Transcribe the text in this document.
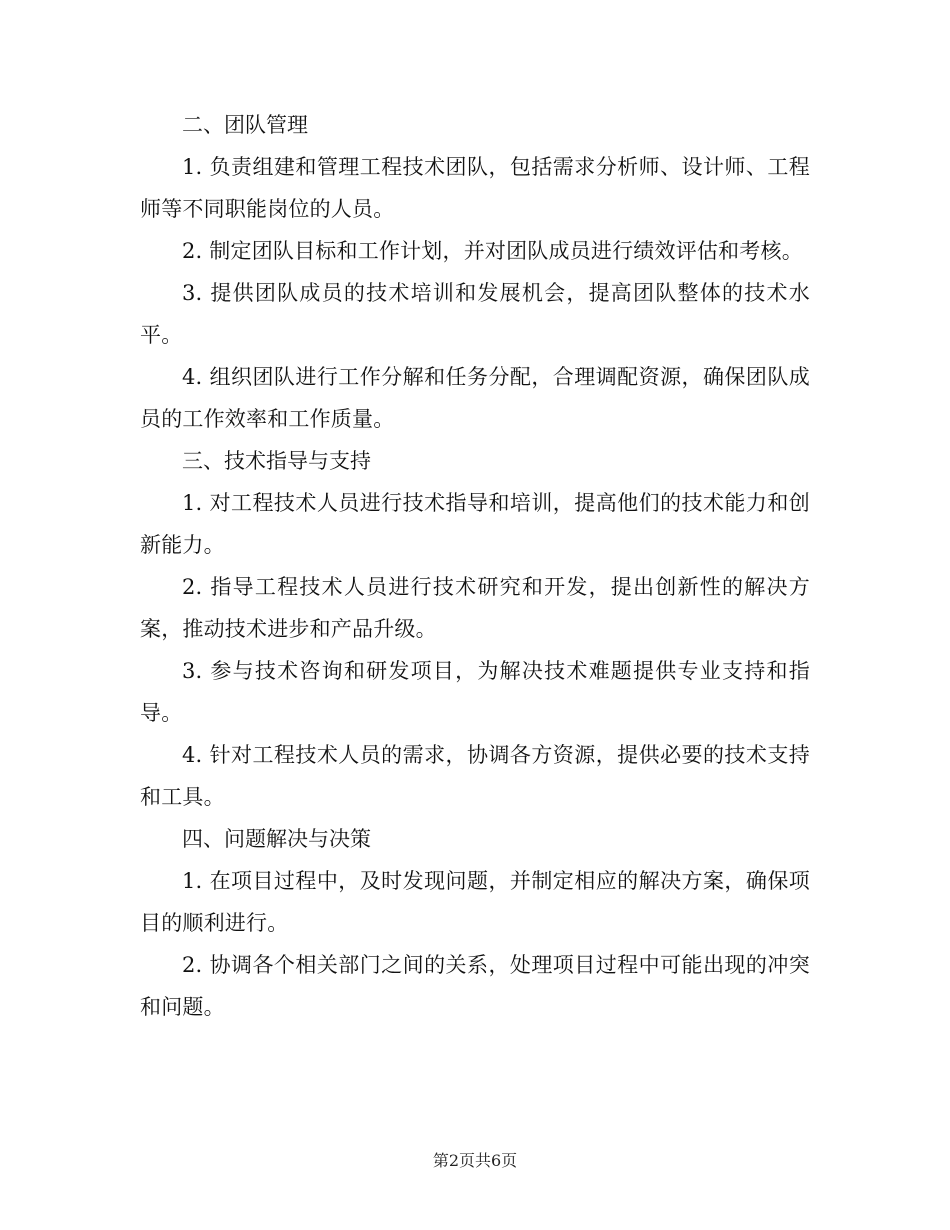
二、团队管理

1. 负责组建和管理工程技术团队，包括需求分析师、设计师、工程师等不同职能岗位的人员。

2. 制定团队目标和工作计划，并对团队成员进行绩效评估和考核。

3. 提供团队成员的技术培训和发展机会，提高团队整体的技术水平。

4. 组织团队进行工作分解和任务分配，合理调配资源，确保团队成员的工作效率和工作质量。

三、技术指导与支持

1. 对工程技术人员进行技术指导和培训，提高他们的技术能力和创新能力。

2. 指导工程技术人员进行技术研究和开发，提出创新性的解决方案，推动技术进步和产品升级。

3. 参与技术咨询和研发项目，为解决技术难题提供专业支持和指导。

4. 针对工程技术人员的需求，协调各方资源，提供必要的技术支持和工具。

四、问题解决与决策

1. 在项目过程中，及时发现问题，并制定相应的解决方案，确保项目的顺利进行。

2. 协调各个相关部门之间的关系，处理项目过程中可能出现的冲突和问题。

第2页共6页
